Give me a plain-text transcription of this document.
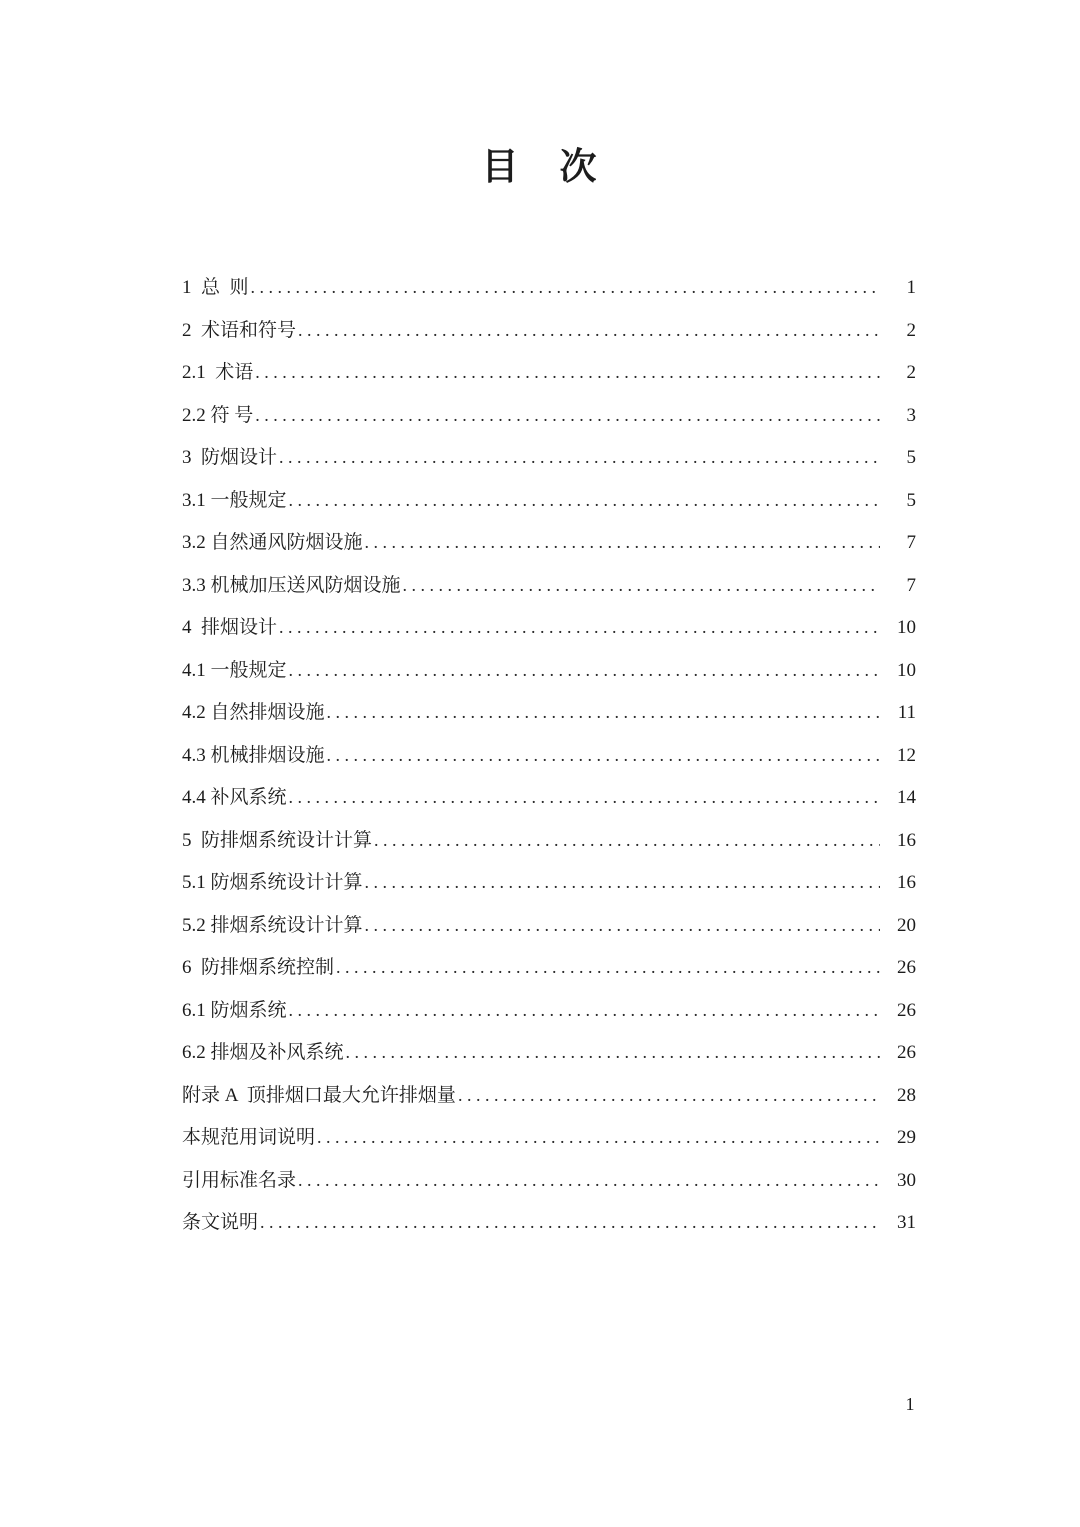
目　次
1  总  则 .....	1
2  术语和符号 .....	2
2.1  术语 .....	2
2.2 符 号 .....	3
3  防烟设计 .....	5
3.1 一般规定 .....	5
3.2 自然通风防烟设施 .....	7
3.3 机械加压送风防烟设施 .....	7
4  排烟设计 .....	10
4.1 一般规定 .....	10
4.2 自然排烟设施 .....	11
4.3 机械排烟设施 .....	12
4.4 补风系统 .....	14
5  防排烟系统设计计算 .....	16
5.1 防烟系统设计计算 .....	16
5.2 排烟系统设计计算 .....	20
6  防排烟系统控制 .....	26
6.1 防烟系统 .....	26
6.2 排烟及补风系统 .....	26
附录 A  顶排烟口最大允许排烟量 .....	28
本规范用词说明 .....	29
引用标准名录 .....	30
条文说明 .....	31
1
